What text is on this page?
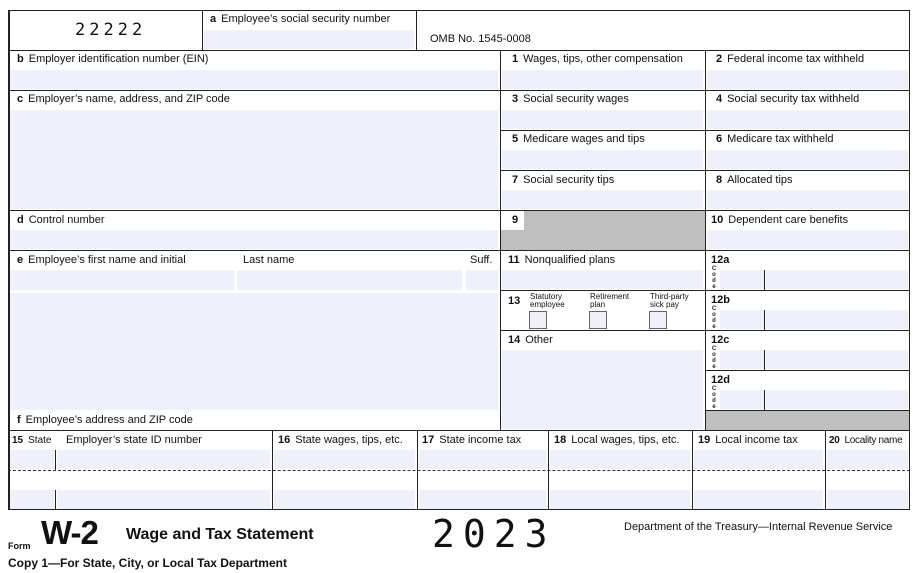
22222
a Employee’s social security number
OMB No. 1545-0008
b Employer identification number (EIN)
c Employer’s name, address, and ZIP code
d Control number
e Employee’s first name and initial	Last name	Suff.
f Employee’s address and ZIP code
1 Wages, tips, other compensation	2 Federal income tax withheld
3 Social security wages	4 Social security tax withheld
5 Medicare wages and tips	6 Medicare tax withheld
7 Social security tips	8 Allocated tips
9	10 Dependent care benefits
11 Nonqualified plans
13 Statutory
employee
Retirement
plan
Third-party
sick pay
14 Other
12a
C
o
d
e
12b
C
o
d
e
12c
C
o
d
e
12d
C
o
d
e
15 State Employer’s state ID number	16 State wages, tips, etc. 17 State income tax	18 Local wages, tips, etc. 19 Local income tax	20 Locality name
Form W-2 Wage and Tax Statement
Copy 1—For State, City, or Local Tax Department
2023	Department of the Treasury—Internal Revenue Service
